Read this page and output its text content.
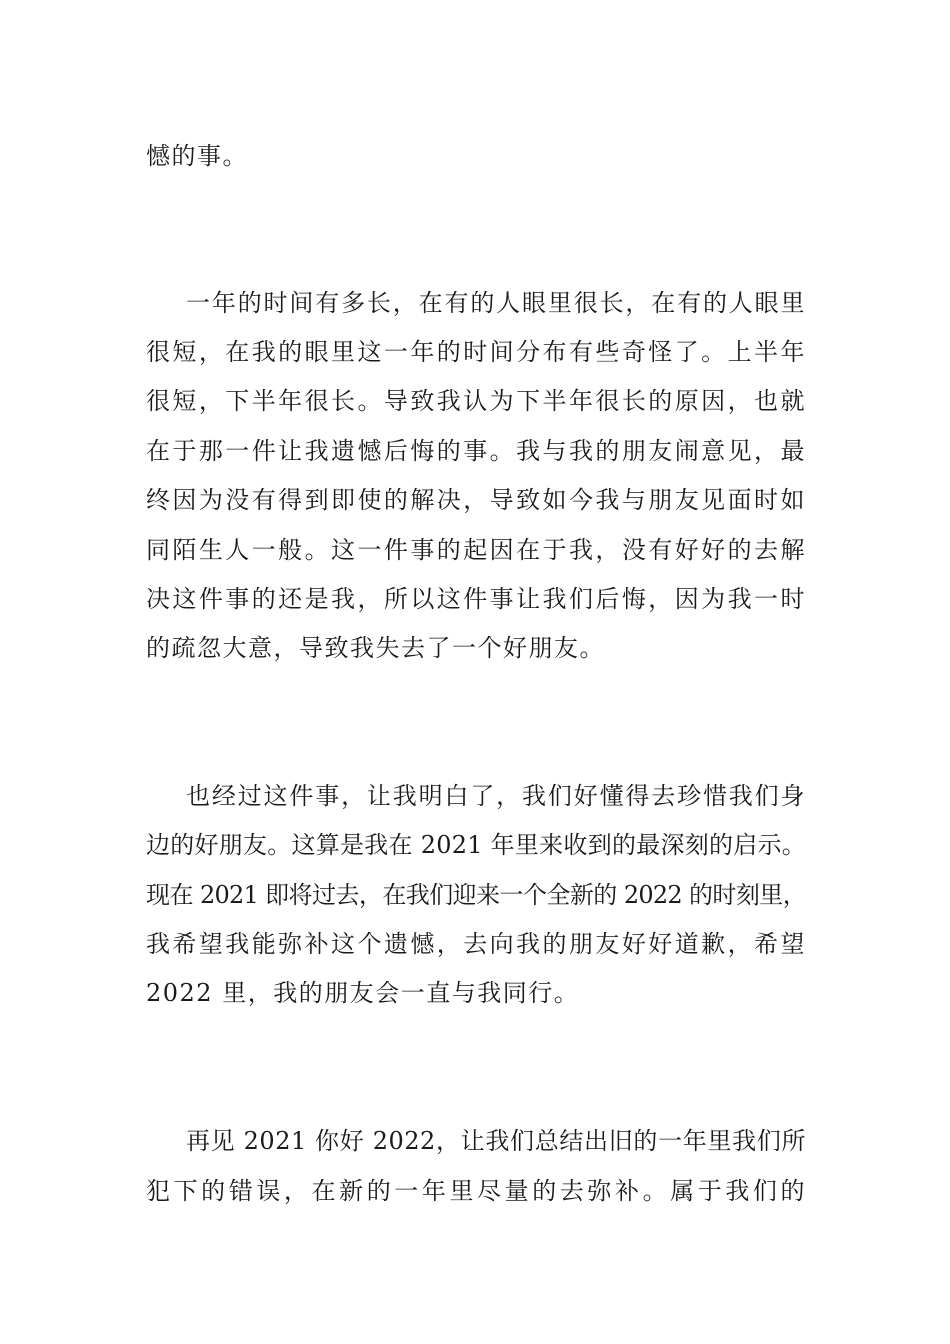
憾的事。
一年的时间有多长，在有的人眼里很长，在有的人眼里
很短，在我的眼里这一年的时间分布有些奇怪了。上半年
很短，下半年很长。导致我认为下半年很长的原因，也就
在于那一件让我遗憾后悔的事。我与我的朋友闹意见，最
终因为没有得到即使的解决，导致如今我与朋友见面时如
同陌生人一般。这一件事的起因在于我，没有好好的去解
决这件事的还是我，所以这件事让我们后悔，因为我一时
的疏忽大意，导致我失去了一个好朋友。
也经过这件事，让我明白了，我们好懂得去珍惜我们身
边的好朋友。这算是我在 2021 年里来收到的最深刻的启示。
现在 2021 即将过去，在我们迎来一个全新的 2022 的时刻里，
我希望我能弥补这个遗憾，去向我的朋友好好道歉，希望
2022 里，我的朋友会一直与我同行。
再见 2021 你好 2022，让我们总结出旧的一年里我们所
犯下的错误，在新的一年里尽量的去弥补。属于我们的
